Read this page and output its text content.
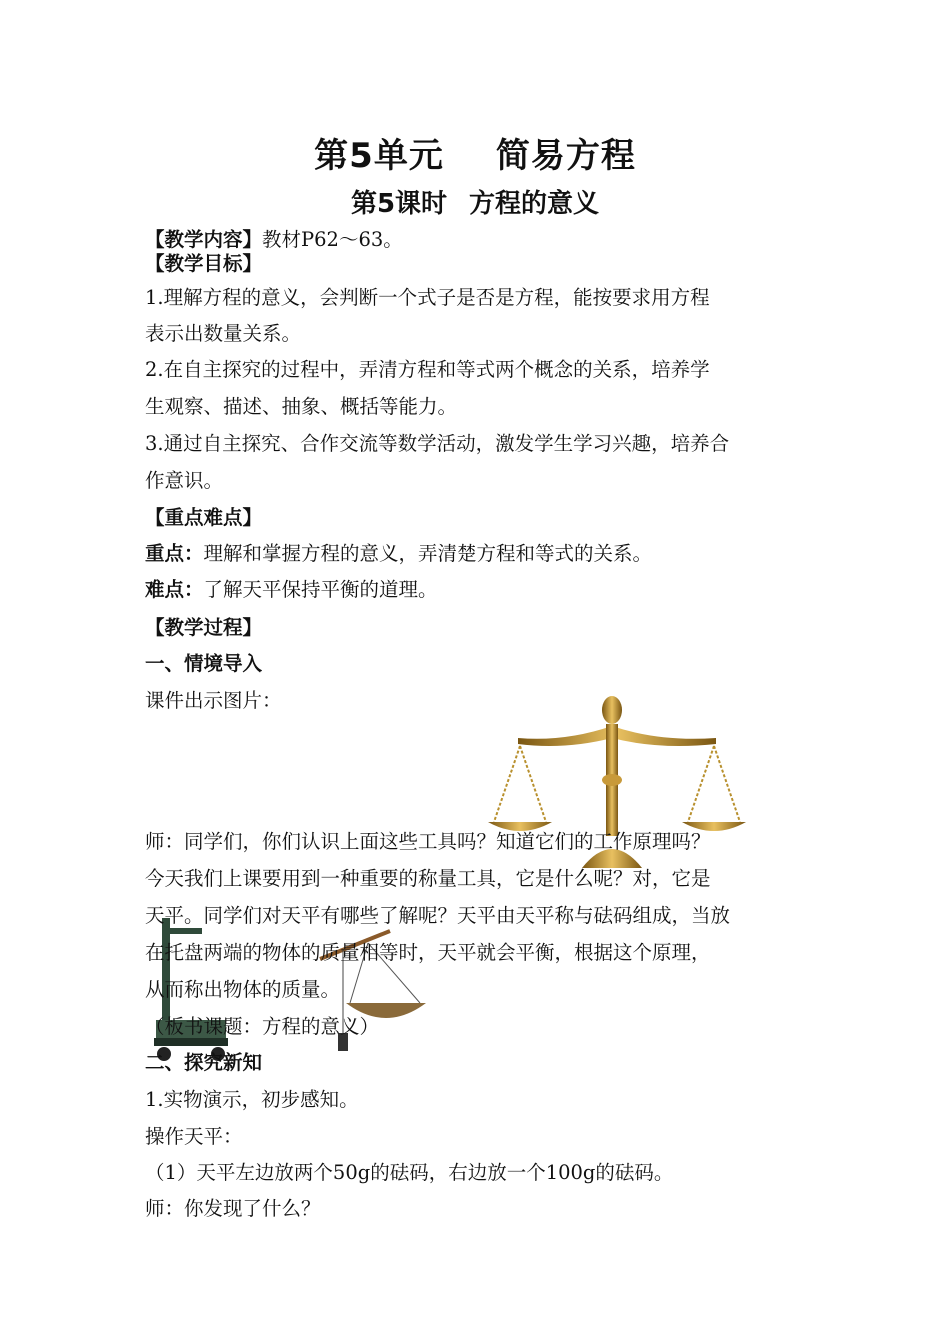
第5单元 简易方程
第5课时 方程的意义
【教学内容】教材P62～63。
【教学目标】
1.理解方程的意义，会判断一个式子是否是方程，能按要求用方程
表示出数量关系。
2.在自主探究的过程中，弄清方程和等式两个概念的关系，培养学
生观察、描述、抽象、概括等能力。
3.通过自主探究、合作交流等数学活动，激发学生学习兴趣，培养合
作意识。
【重点难点】
重点：理解和掌握方程的意义，弄清楚方程和等式的关系。
难点：了解天平保持平衡的道理。
【教学过程】
一、情境导入
课件出示图片：
师：同学们，你们认识上面这些工具吗？知道它们的工作原理吗？
今天我们上课要用到一种重要的称量工具，它是什么呢？对，它是
天平。同学们对天平有哪些了解呢？天平由天平称与砝码组成，当放
在托盘两端的物体的质量相等时，天平就会平衡，根据这个原理，
从而称出物体的质量。
（板书课题：方程的意义）
二、探究新知
1.实物演示，初步感知。
操作天平：
（1）天平左边放两个50g的砝码，右边放一个100g的砝码。
师：你发现了什么？
